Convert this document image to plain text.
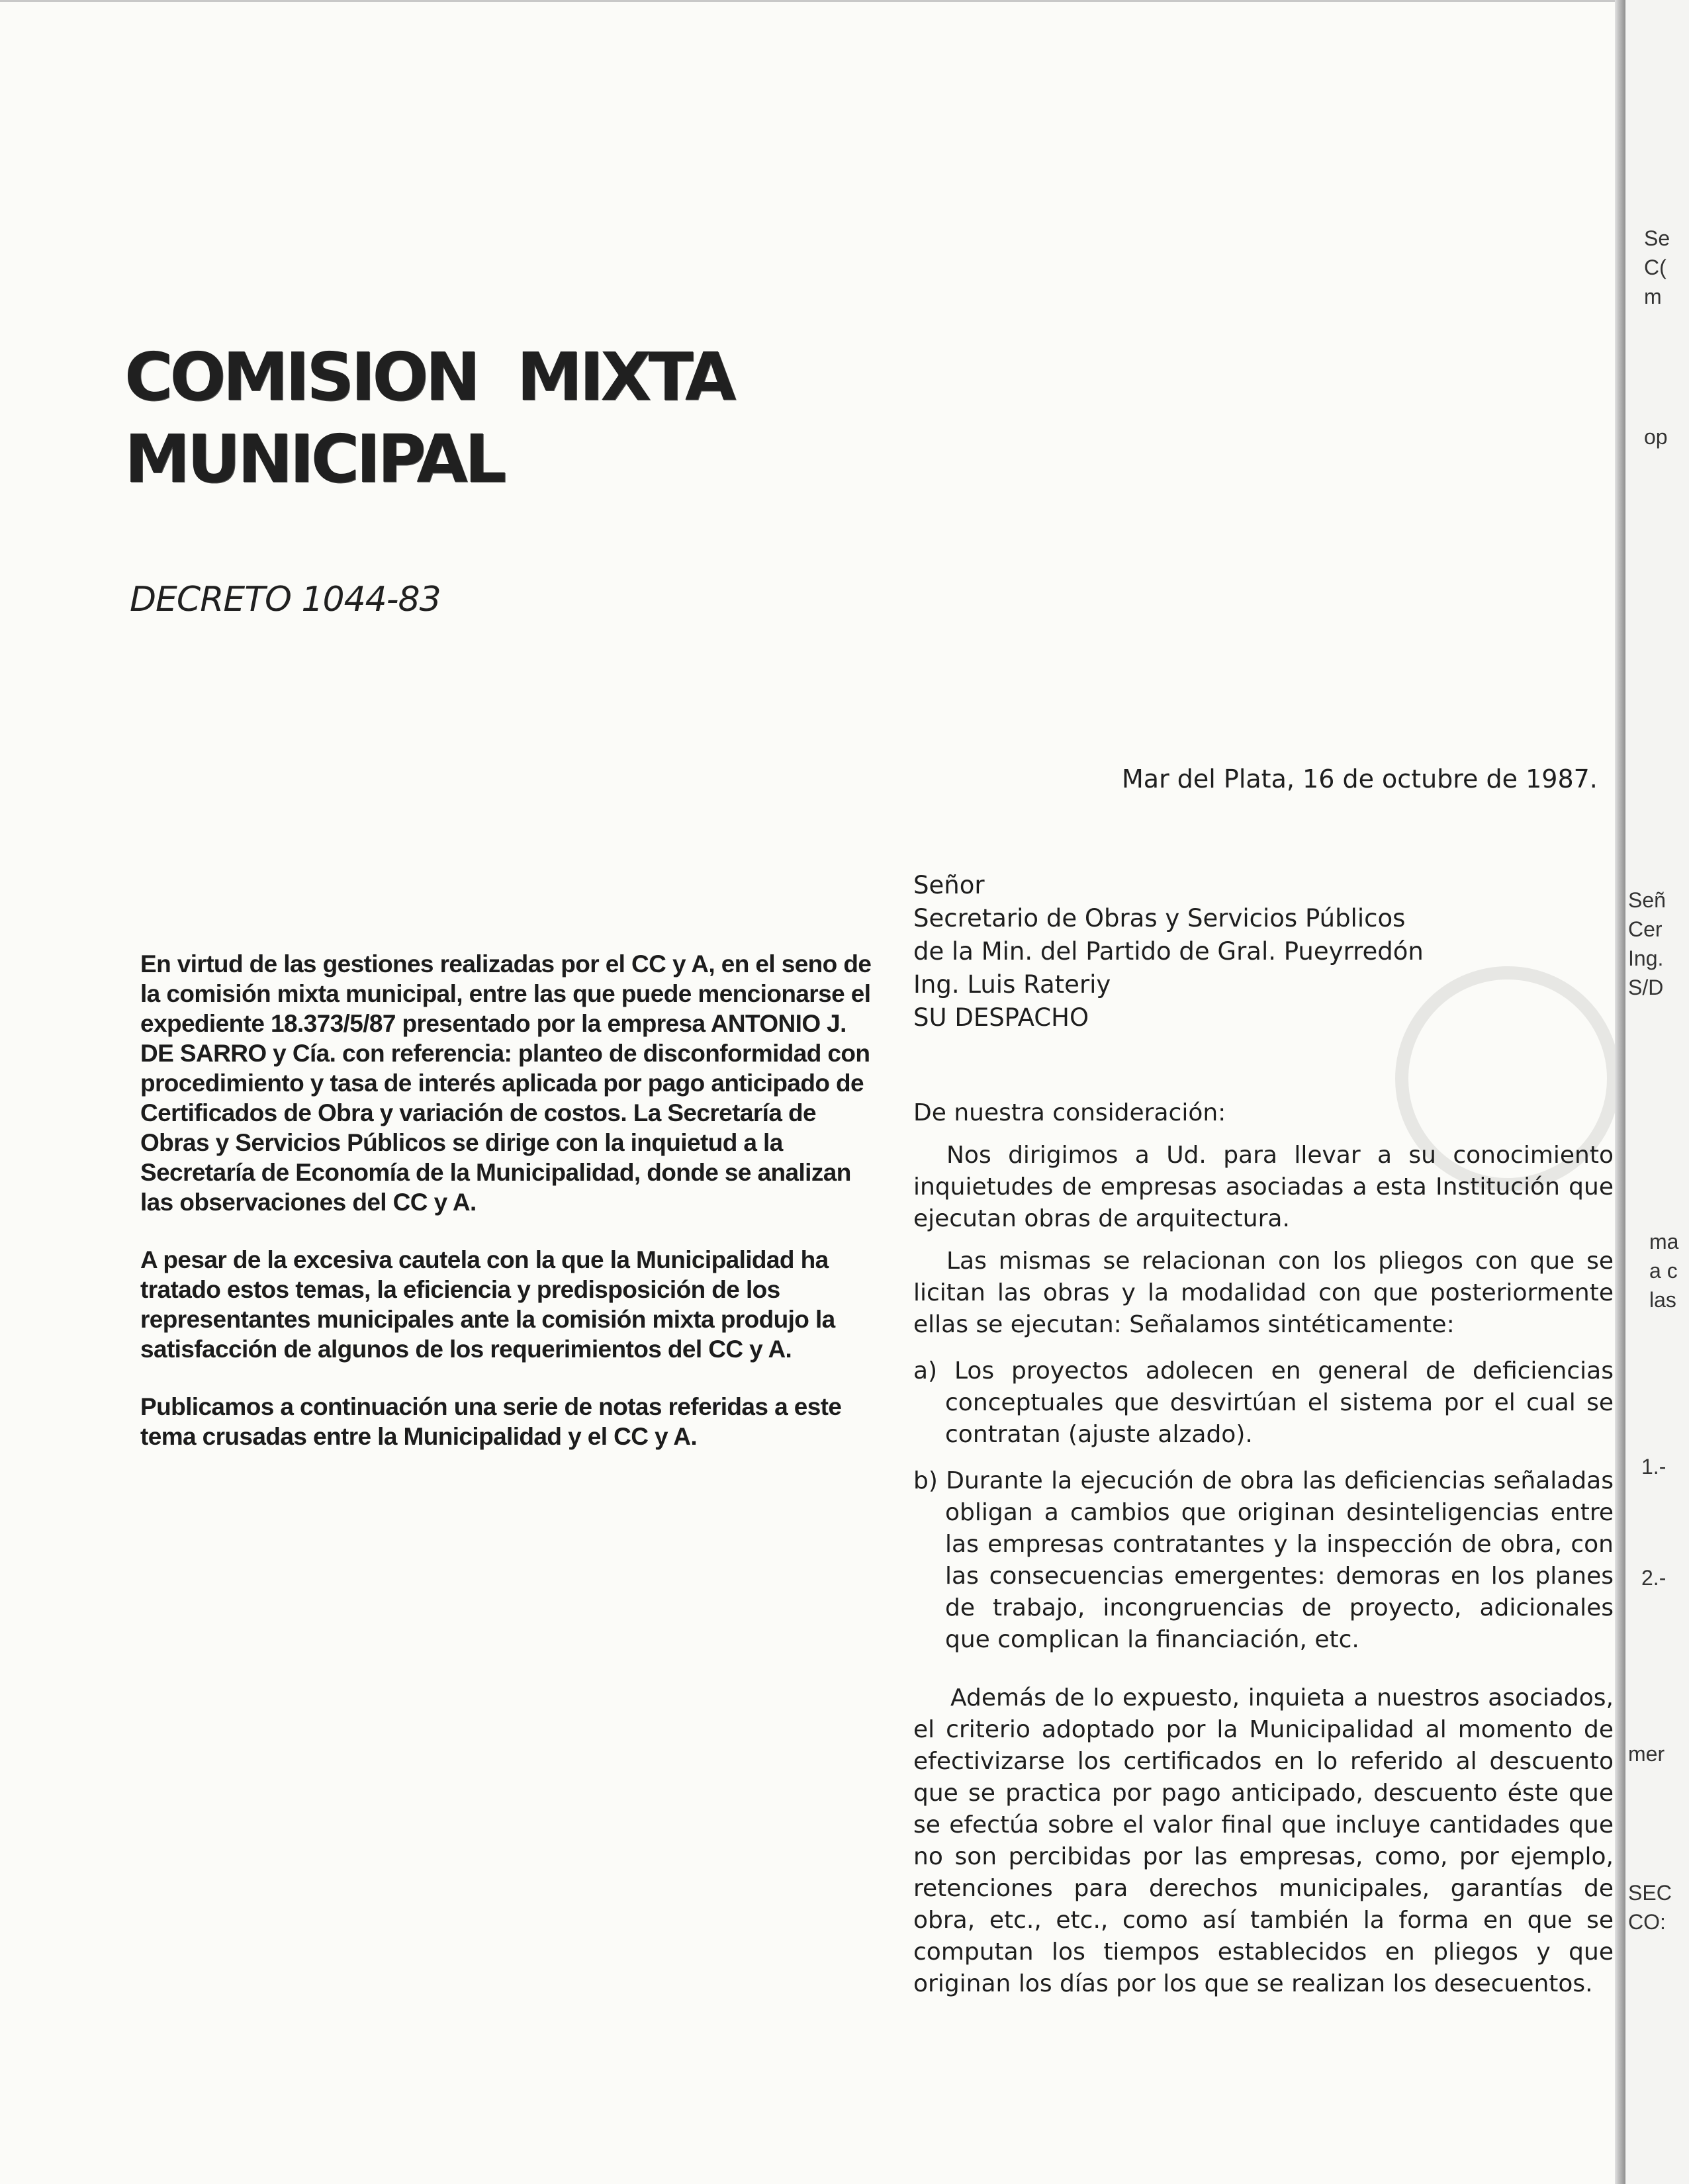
COMISION  MIXTA
MUNICIPAL
DECRETO 1044-83

En virtud de las gestiones realizadas por el CC y A, en el seno de la comisión mixta municipal, entre las que puede mencionarse el expediente 18.373/5/87 presentado por la empresa ANTONIO J. DE SARRO y Cía. con referencia: planteo de disconformidad con procedimiento y tasa de interés aplicada por pago anticipado de Certificados de Obra y variación de costos. La Secretaría de Obras y Servicios Públicos se dirige con la inquietud a la Secretaría de Economía de la Municipalidad, donde se analizan las observaciones del CC y A.

A pesar de la excesiva cautela con la que la Municipalidad ha tratado estos temas, la eficiencia y predisposición de los representantes municipales ante la comisión mixta produjo la satisfacción de algunos de los requerimientos del CC y A.

Publicamos a continuación una serie de notas referidas a este tema crusadas entre la Municipalidad y el CC y A.

Mar del Plata, 16 de octubre de 1987.
Señor
Secretario de Obras y Servicios Públicos
de la Min. del Partido de Gral. Pueyrredón
Ing. Luis Rateriy
SU DESPACHO

De nuestra consideración:

Nos dirigimos a Ud. para llevar a su conocimiento inquietudes de empresas asociadas a esta Institución que ejecutan obras de arquitectura.

Las mismas se relacionan con los pliegos con que se licitan las obras y la modalidad con que posteriormente ellas se ejecutan: Señalamos sintéticamente:

a) Los proyectos adolecen en general de deficiencias conceptuales que desvirtúan el sistema por el cual se contratan (ajuste alzado).

b) Durante la ejecución de obra las deficiencias señaladas obligan a cambios que originan desinteligencias entre las empresas contratantes y la inspección de obra, con las consecuencias emergentes: demoras en los planes de trabajo, incongruencias de proyecto, adicionales que complican la financiación, etc.

Además de lo expuesto, inquieta a nuestros asociados, el criterio adoptado por la Municipalidad al momento de efectivizarse los certificados en lo referido al descuento que se practica por pago anticipado, descuento éste que se efectúa sobre el valor final que incluye cantidades que no son percibidas por las empresas, como, por ejemplo, retenciones para derechos municipales, garantías de obra, etc., etc., como así también la forma en que se computan los tiempos establecidos en pliegos y que originan los días por los que se realizan los desecuentos.

Se
C(
m
op
Señ
Cer
Ing.
S/D
ma
a c
las
1.-
2.-
mer
SEC
CO:
